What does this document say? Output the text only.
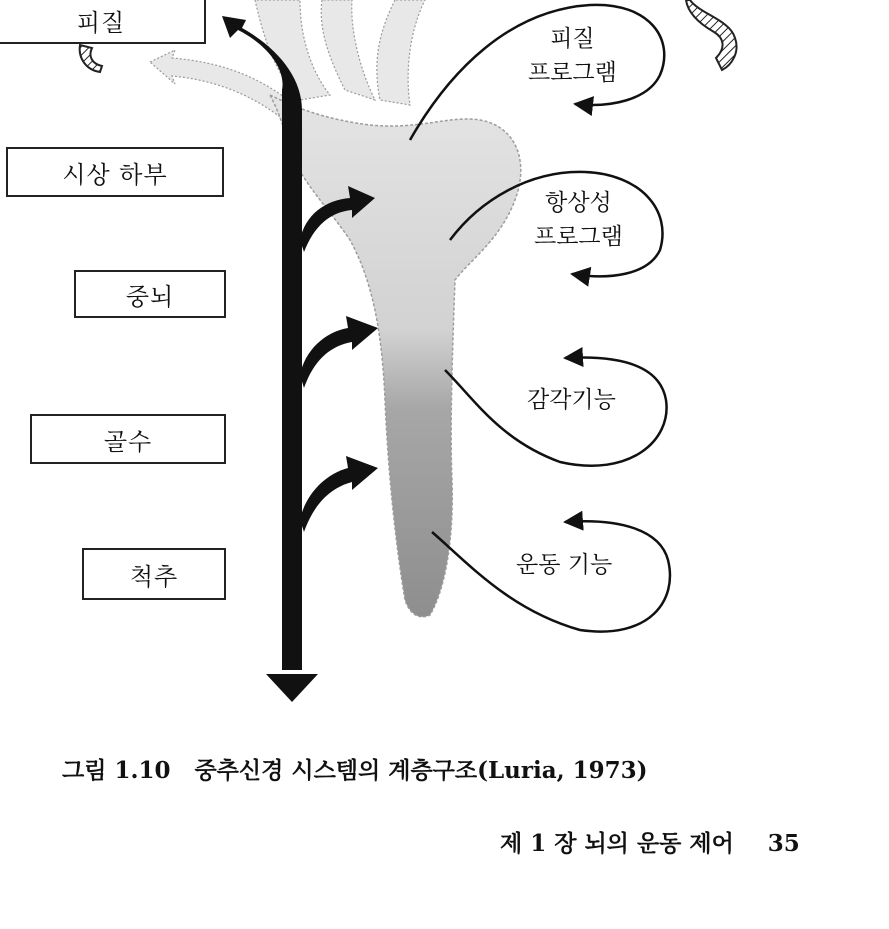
피질
시상 하부
중뇌
골수
척추
피질
프로그램
항상성
프로그램
감각기능
운동 기능
그림 1.10 중추신경 시스템의 계층구조(Luria, 1973)
제 1 장 뇌의 운동 제어 35
